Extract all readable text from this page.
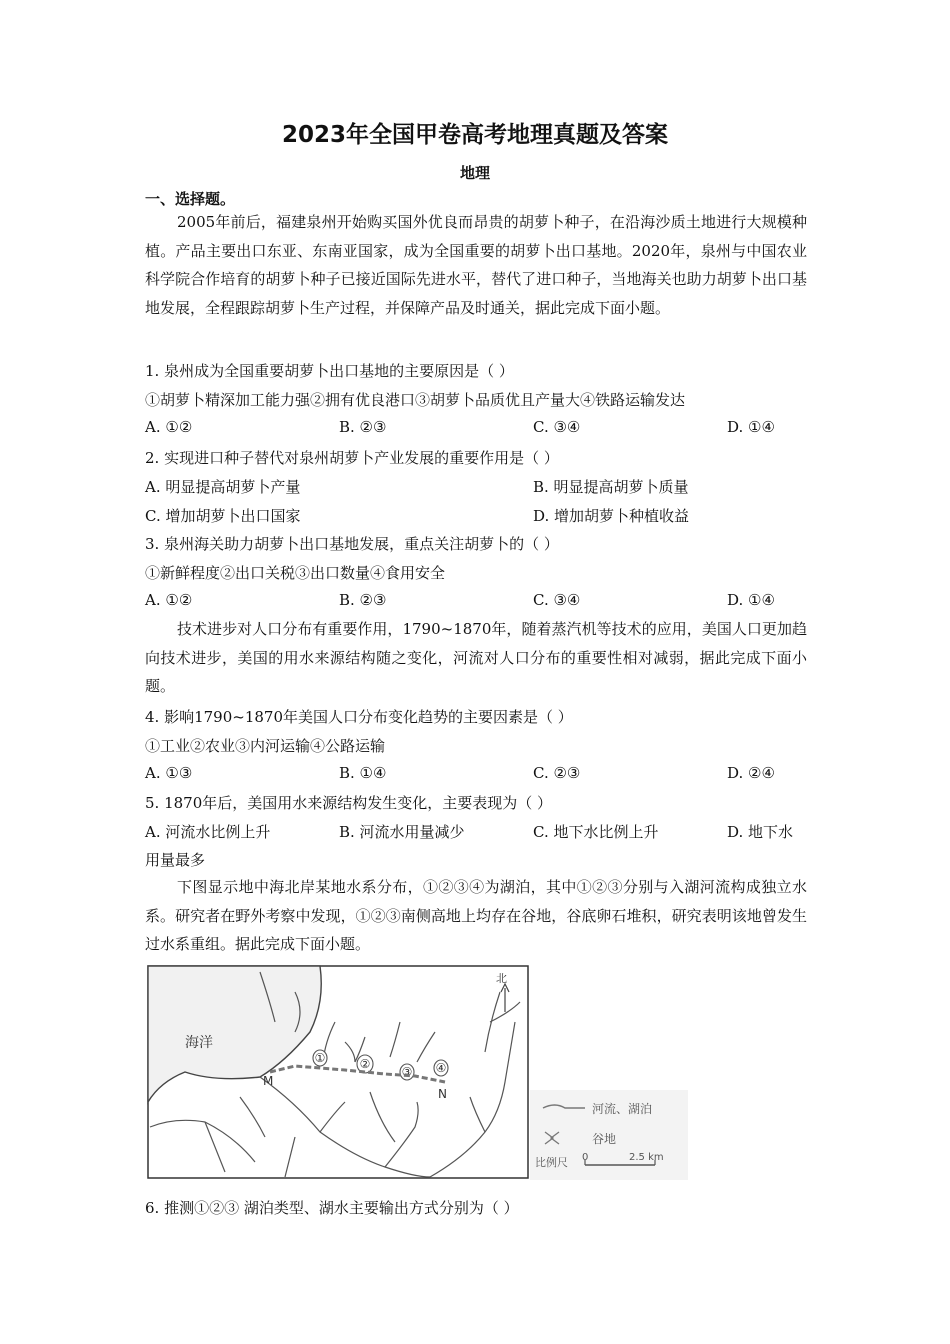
2023年全国甲卷高考地理真题及答案
地理
一、选择题。
2005年前后，福建泉州开始购买国外优良而昂贵的胡萝卜种子，在沿海沙质土地进行大规模种植。产品主要出口东亚、东南亚国家，成为全国重要的胡萝卜出口基地。2020年，泉州与中国农业科学院合作培育的胡萝卜种子已接近国际先进水平，替代了进口种子，当地海关也助力胡萝卜出口基地发展，全程跟踪胡萝卜生产过程，并保障产品及时通关，据此完成下面小题。
1. 泉州成为全国重要胡萝卜出口基地的主要原因是（ ）
①胡萝卜精深加工能力强②拥有优良港口③胡萝卜品质优且产量大④铁路运输发达
A. ①②	B. ②③	C. ③④	D. ①④
2. 实现进口种子替代对泉州胡萝卜产业发展的重要作用是（ ）
A. 明显提高胡萝卜产量	B. 明显提高胡萝卜质量
C. 增加胡萝卜出口国家	D. 增加胡萝卜种植收益
3. 泉州海关助力胡萝卜出口基地发展，重点关注胡萝卜的（ ）
①新鲜程度②出口关税③出口数量④食用安全
A. ①②	B. ②③	C. ③④	D. ①④
技术进步对人口分布有重要作用，1790~1870年，随着蒸汽机等技术的应用，美国人口更加趋向技术进步，美国的用水来源结构随之变化，河流对人口分布的重要性相对减弱，据此完成下面小题。
4. 影响1790~1870年美国人口分布变化趋势的主要因素是（ ）
①工业②农业③内河运输④公路运输
A. ①③	B. ①④	C. ②③	D. ②④
5. 1870年后，美国用水来源结构发生变化，主要表现为（ ）
A. 河流水比例上升	B. 河流水用量减少	C. 地下水比例上升	D. 地下水
用量最多
下图显示地中海北岸某地水系分布，①②③④为湖泊，其中①②③分别与入湖河流构成独立水系。研究者在野外考察中发现，①②③南侧高地上均存在谷地，谷底卵石堆积，研究表明该地曾发生过水系重组。据此完成下面小题。
海洋
①	②
③ ④
M
N
北
河流、湖泊
谷地
比例尺 0	2.5 km
6. 推测①②③ 湖泊类型、湖水主要输出方式分别为（ ）
